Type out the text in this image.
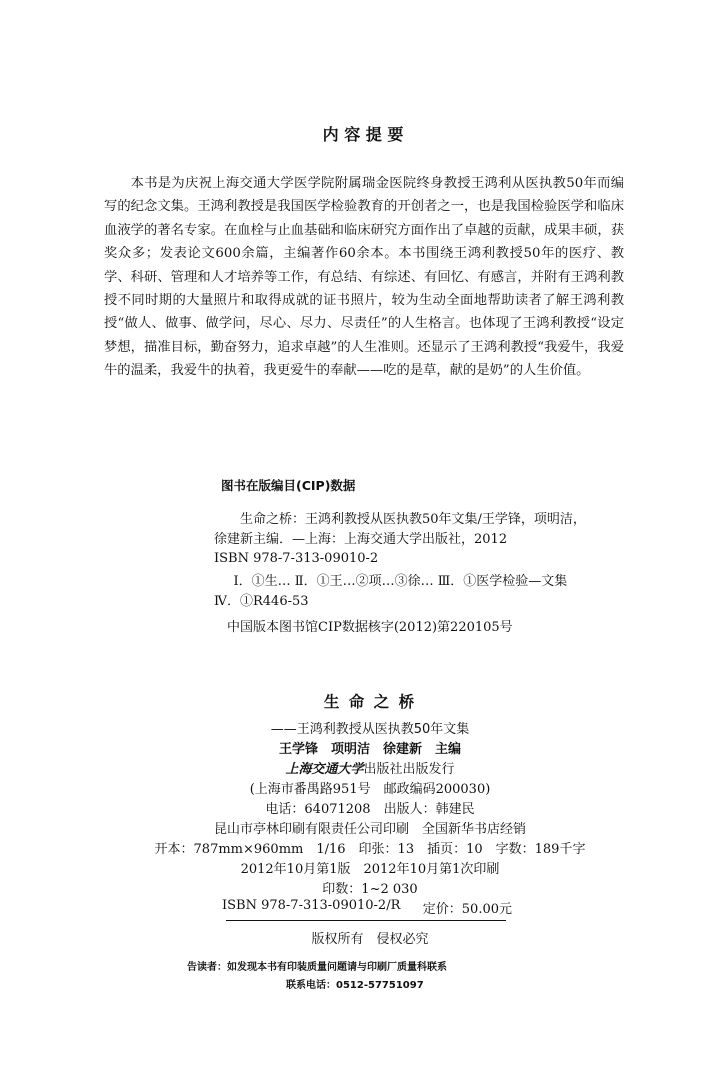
内 容 提 要

本书是为庆祝上海交通大学医学院附属瑞金医院终身教授王鸿利从医执教50年而编写的纪念文集。王鸿利教授是我国医学检验教育的开创者之一，也是我国检验医学和临床血液学的著名专家。在血栓与止血基础和临床研究方面作出了卓越的贡献，成果丰硕，获奖众多；发表论文600余篇，主编著作60余本。本书围绕王鸿利教授50年的医疗、教学、科研、管理和人才培养等工作，有总结、有综述、有回忆、有感言，并附有王鸿利教授不同时期的大量照片和取得成就的证书照片，较为生动全面地帮助读者了解王鸿利教授“做人、做事、做学问，尽心、尽力、尽责任”的人生格言。也体现了王鸿利教授“设定梦想，描准目标，勤奋努力，追求卓越”的人生准则。还显示了王鸿利教授“我爱牛，我爱牛的温柔，我爱牛的执着，我更爱牛的奉献——吃的是草，献的是奶”的人生价值。

图书在版编目(CIP)数据
生命之桥：王鸿利教授从医执教50年文集/王学锋，项明洁，徐建新主编．—上海：上海交通大学出版社，2012
ISBN 978-7-313-09010-2
Ⅰ．①生… Ⅱ．①王…②项…③徐… Ⅲ．①医学检验—文集 Ⅳ．①R446-53
中国版本图书馆CIP数据核字(2012)第220105号
生 命 之 桥
——王鸿利教授从医执教50年文集
王学锋　项明洁　徐建新　主编
上海交通大学出版社出版发行
(上海市番禺路951号　邮政编码200030)
电话：64071208　出版人：韩建民
昆山市亭林印刷有限责任公司印刷　全国新华书店经销
开本：787mm×960mm　1/16　印张：13　插页：10　字数：189千字
2012年10月第1版　2012年10月第1次印刷
印数：1~2 030
ISBN 978-7-313-09010-2/R 定价：50.00元
版权所有　侵权必究
告读者：如发现本书有印装质量问题请与印刷厂质量科联系
联系电话：0512-57751097
